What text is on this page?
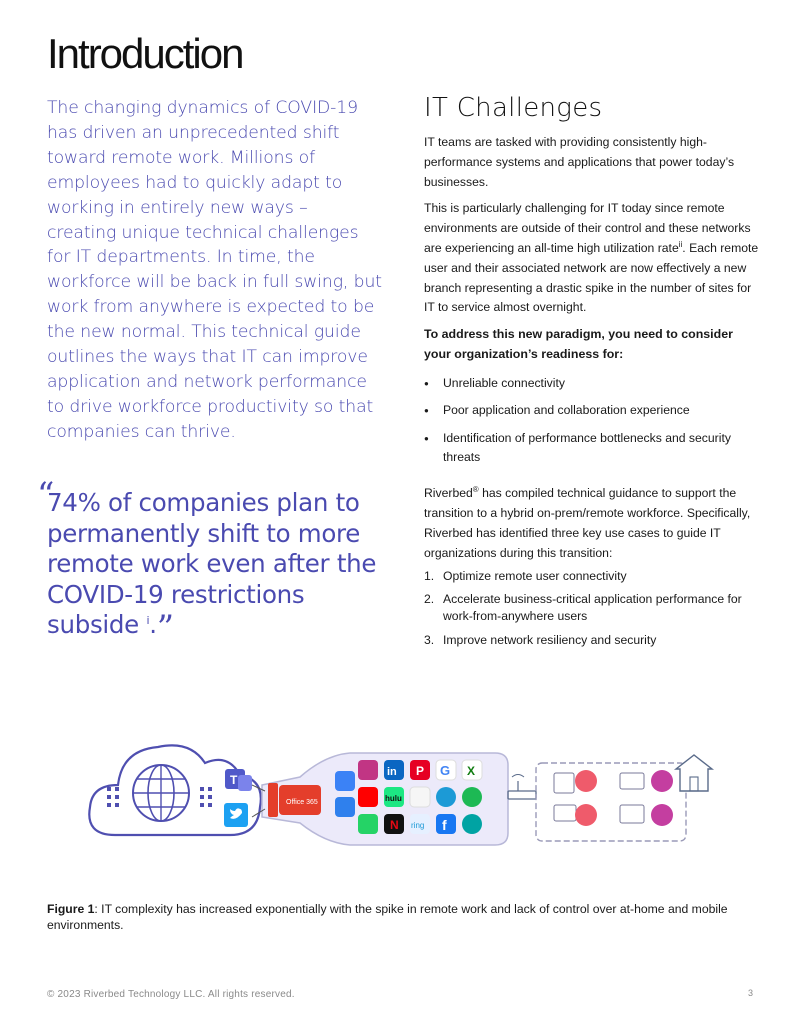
Introduction

The changing dynamics of COVID-19 has driven an unprecedented shift toward remote work. Millions of employees had to quickly adapt to working in entirely new ways – creating unique technical challenges for IT departments. In time, the workforce will be back in full swing, but work from anywhere is expected to be the new normal. This technical guide outlines the ways that IT can improve application and network performance to drive workforce productivity so that companies can thrive.

“
74% of companies plan to permanently shift to more remote work even after the COVID-19 restrictions subside $^i$.”
IT Challenges

IT teams are tasked with providing consistently high-performance systems and applications that power today’s businesses.

This is particularly challenging for IT today since remote environments are outside of their control and these networks are experiencing an all-time high utilization rate$^{ii}$. Each remote user and their associated network are now effectively a new branch representing a drastic spike in the number of sites for IT to service almost overnight.

To address this new paradigm, you need to consider your organization’s readiness for:

● Unreliable connectivity
● Poor application and collaboration experience
● Identification of performance bottlenecks and security threats

Riverbed® has compiled technical guidance to support the transition to a hybrid on-prem/remote workforce. Specifically, Riverbed has identified three key use cases to guide IT organizations during this transition:

1. Optimize remote user connectivity
2. Accelerate business-critical application performance for work-from-anywhere users
3. Improve network resiliency and security
T
Office 365
in
hulu
N
P
ring
G
f
X

Figure 1: IT complexity has increased exponentially with the spike in remote work and lack of control over at-home and mobile environments.

© 2023 Riverbed Technology LLC. All rights reserved.	3
